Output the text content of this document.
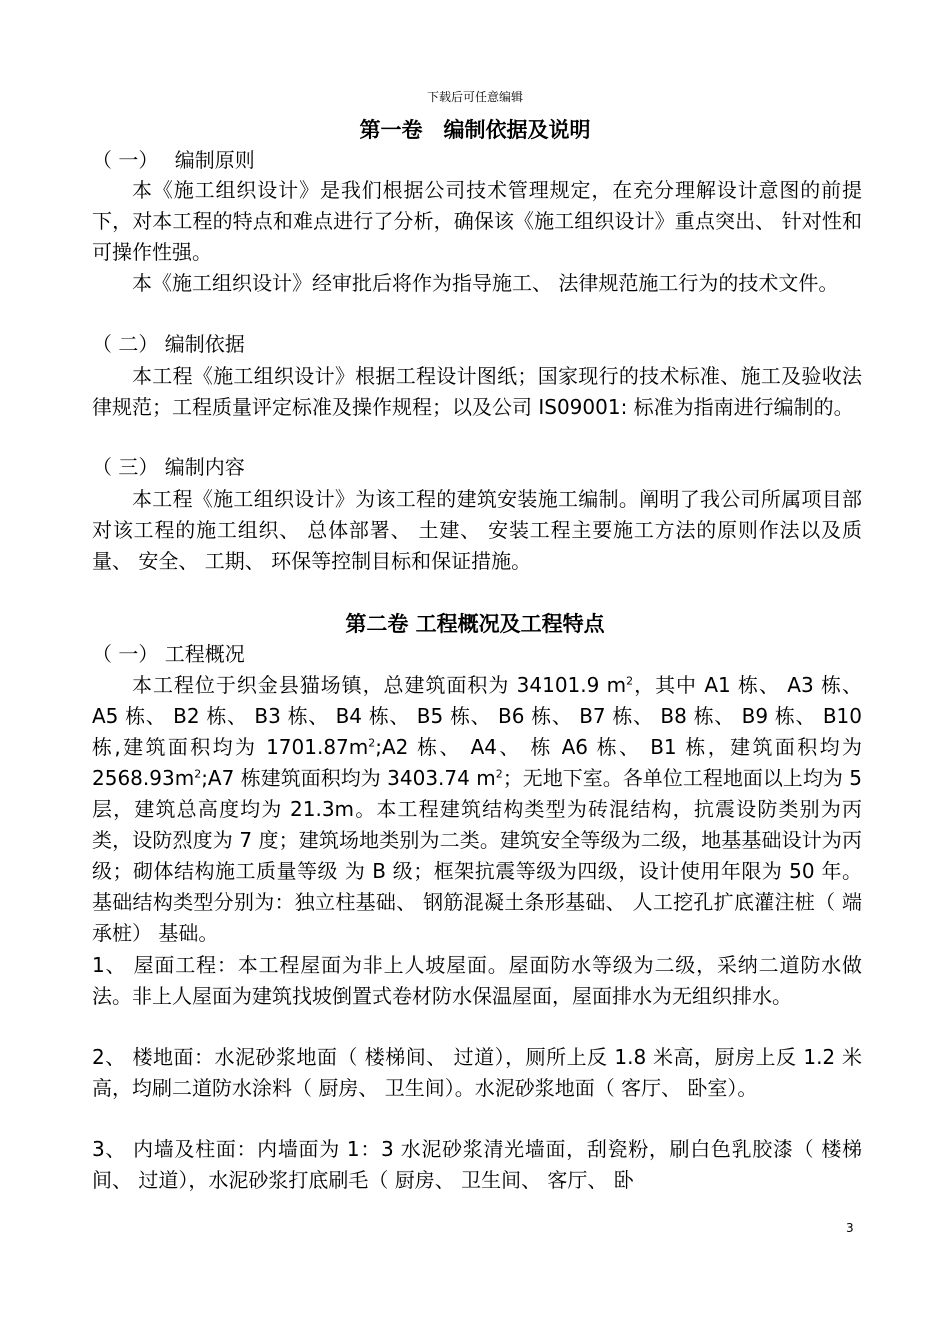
下载后可任意编辑
第一卷　编制依据及说明
（ 一）　 编制原则

本《施工组织设计》是我们根据公司技术管理规定，在充分理解设计意图的前提下，对本工程的特点和难点进行了分析，确保该《施工组织设计》重点突出、 针对性和可操作性强。

本《施工组织设计》经审批后将作为指导施工、 法律规范施工行为的技术文件。

（ 二） 编制依据

本工程《施工组织设计》根据工程设计图纸；国家现行的技术标准、施工及验收法律规范；工程质量评定标准及操作规程；以及公司 IS09001: 标准为指南进行编制的。

（ 三） 编制内容

本工程《施工组织设计》为该工程的建筑安装施工编制。阐明了我公司所属项目部对该工程的施工组织、 总体部署、 土建、 安装工程主要施工方法的原则作法以及质量、 安全、 工期、 环保等控制目标和保证措施。

第二卷 工程概况及工程特点
（ 一） 工程概况

本工程位于织金县猫场镇，总建筑面积为 34101.9 $m^2$，其中 A1 栋、 A3 栋、 A5 栋、 B2 栋、 B3 栋、 B4 栋、 B5 栋、 B6 栋、 B7 栋、 B8 栋、 B9 栋、 B10 栋,建筑面积均为 $1701.87m^2;A2$ 栋、 A4、 栋 A6 栋、 B1 栋，建筑面积均为 $2568.93m^2;A7$ 栋建筑面积均为 3403.74 $m^2$；无地下室。各单位工程地面以上均为 5 层，建筑总高度均为 21.3m。本工程建筑结构类型为砖混结构，抗震设防类别为丙类，设防烈度为 7 度；建筑场地类别为二类。建筑安全等级为二级，地基基础设计为丙级；砌体结构施工质量等级 为 B 级；框架抗震等级为四级，设计使用年限为 50 年。基础结构类型分别为：独立柱基础、 钢筋混凝土条形基础、 人工挖孔扩底灌注桩（ 端承桩） 基础。

1、 屋面工程：本工程屋面为非上人坡屋面。屋面防水等级为二级，采纳二道防水做法。非上人屋面为建筑找坡倒置式卷材防水保温屋面，屋面排水为无组织排水。

2、 楼地面：水泥砂浆地面（ 楼梯间、 过道），厕所上反 1.8 米高，厨房上反 1.2 米高，均刷二道防水涂料（ 厨房、 卫生间）。水泥砂浆地面（ 客厅、 卧室）。

3、 内墙及柱面：内墙面为 1：3 水泥砂浆清光墙面，刮瓷粉，刷白色乳胶漆（ 楼梯间、 过道），水泥砂浆打底刷毛（ 厨房、 卫生间、 客厅、 卧

3
